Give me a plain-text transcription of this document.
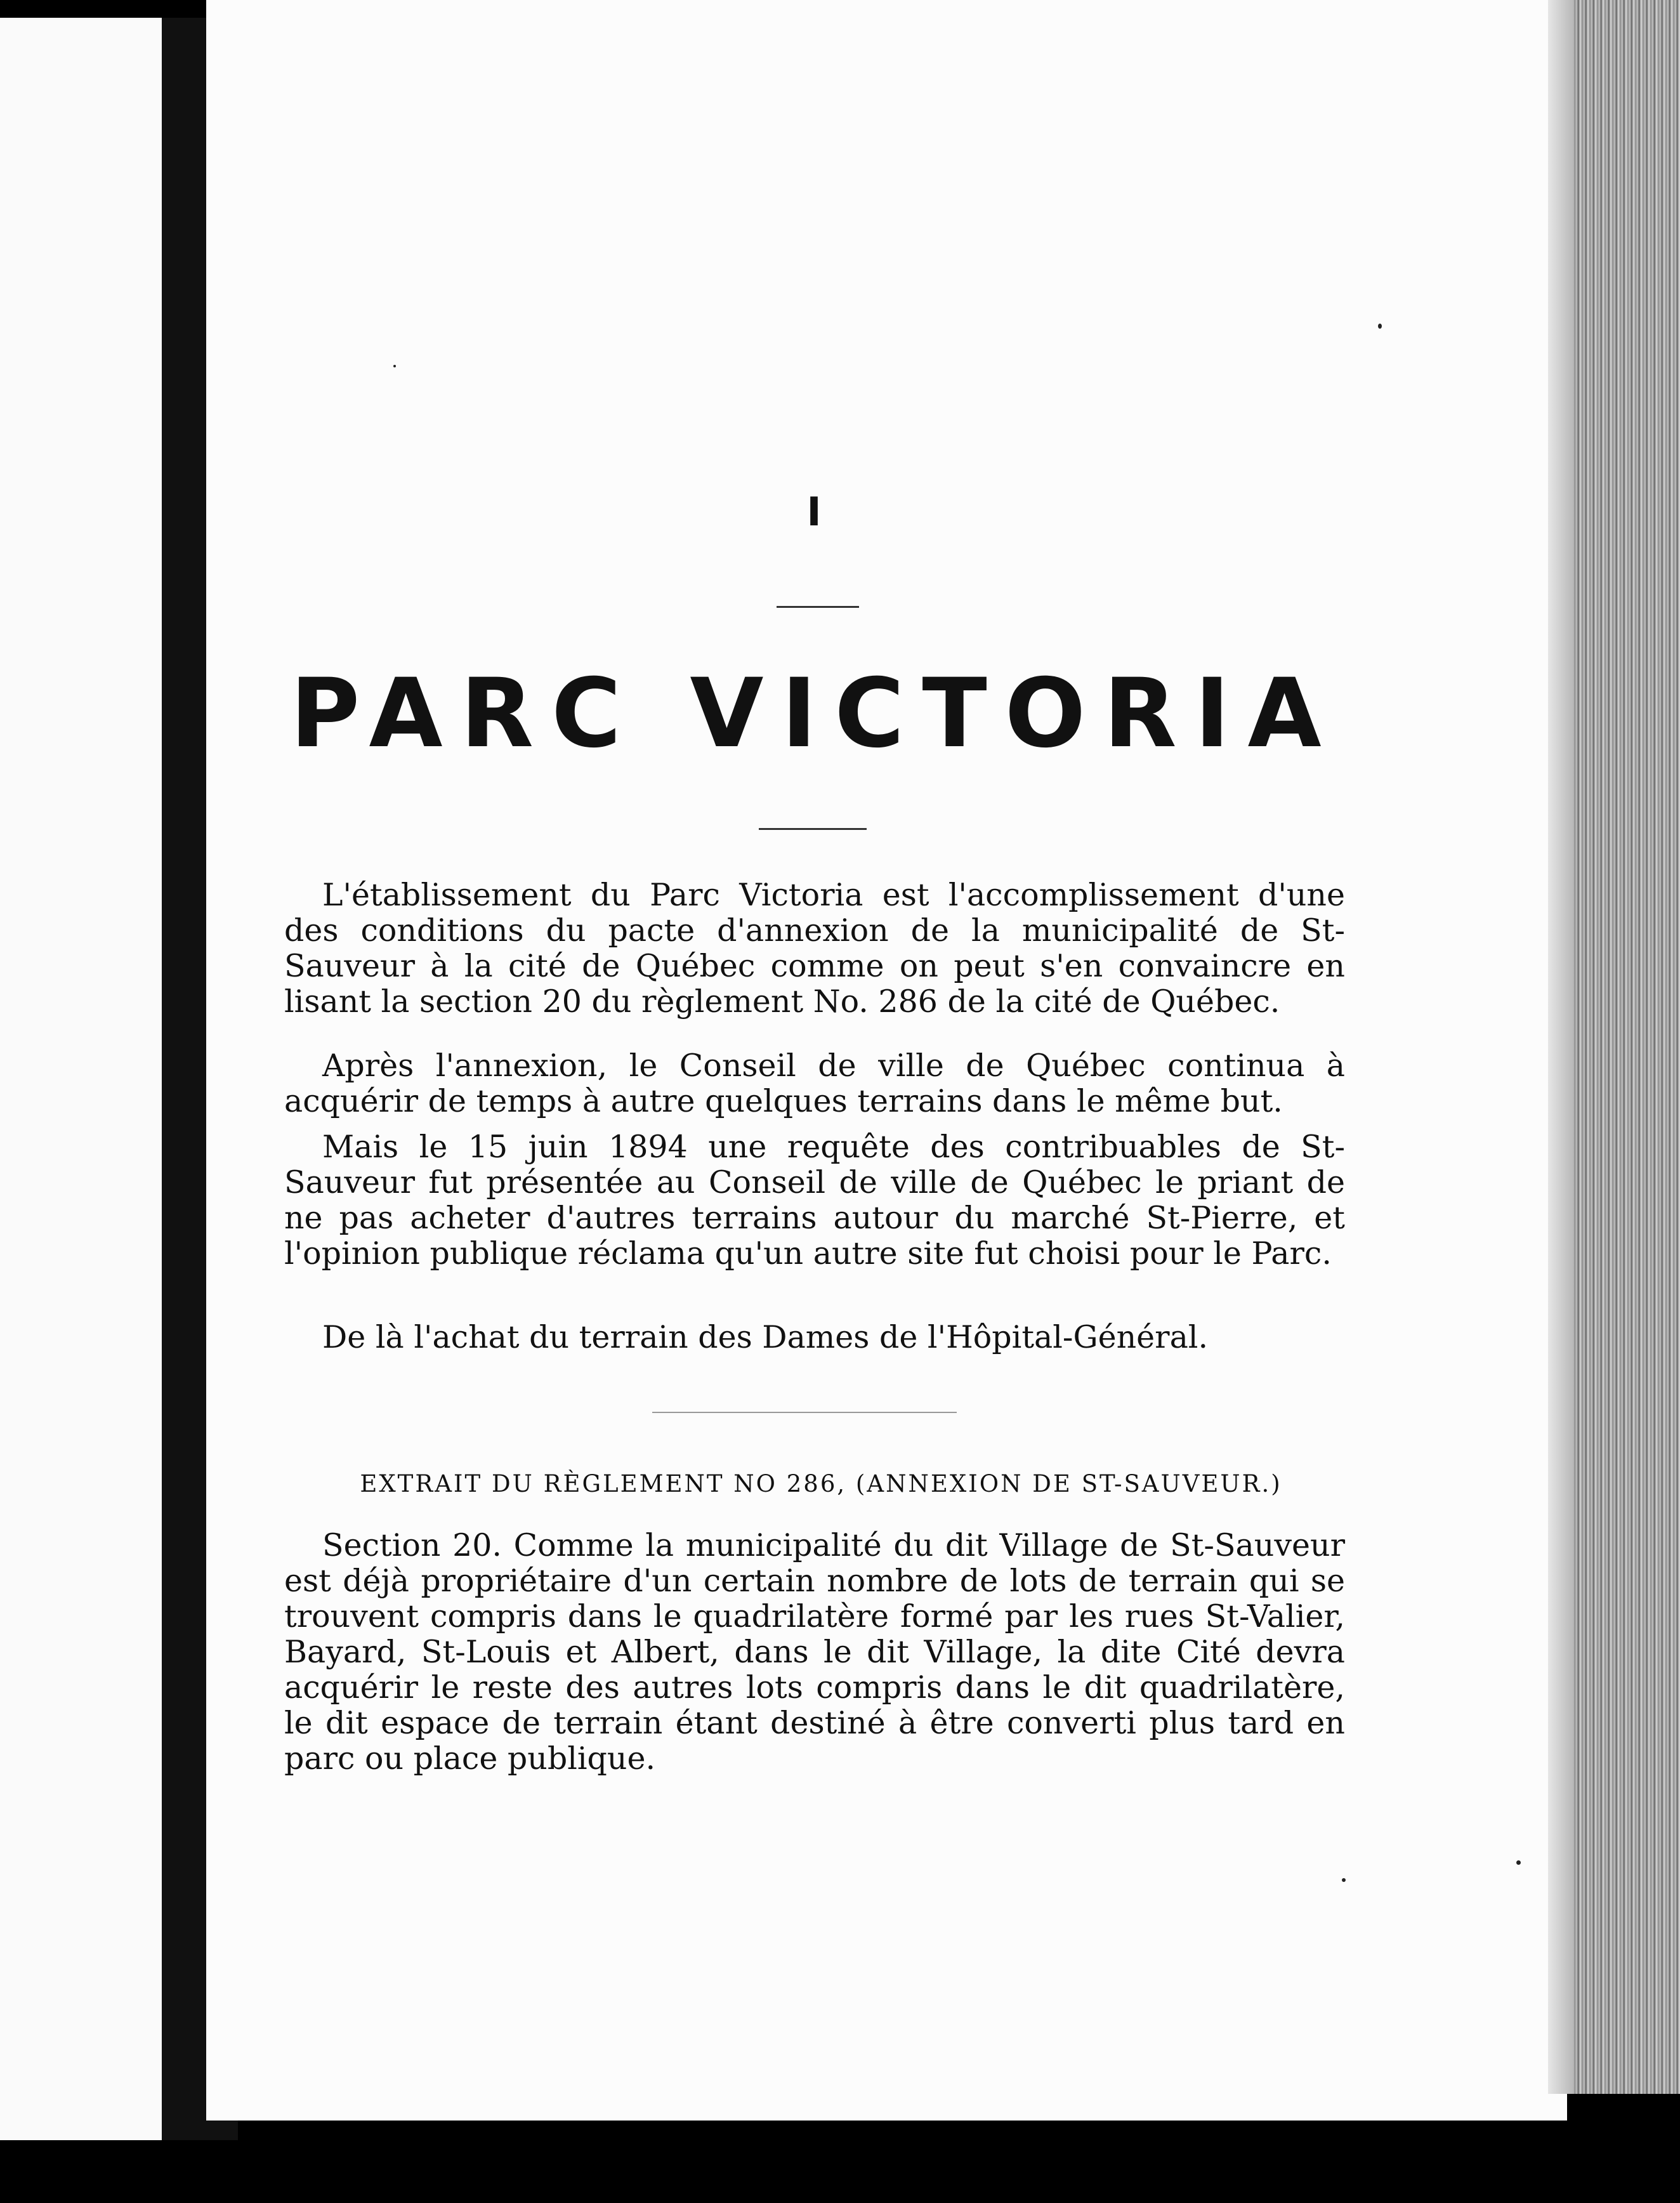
I
PARC VICTORIA

L'établissement du Parc Victoria est l'accomplissement d'une des conditions du pacte d'annexion de la municipalité de St-Sauveur à la cité de Québec comme on peut s'en convaincre en lisant la section 20 du règlement No. 286 de la cité de Québec.

Après l'annexion, le Conseil de ville de Québec continua à acquérir de temps à autre quelques terrains dans le même but.

Mais le 15 juin 1894 une requête des contribuables de St-Sauveur fut présentée au Conseil de ville de Québec le priant de ne pas acheter d'autres terrains autour du marché St-Pierre, et l'opinion publique réclama qu'un autre site fut choisi pour le Parc.

De là l'achat du terrain des Dames de l'Hôpital-Général.

EXTRAIT DU RÈGLEMENT NO 286, (ANNEXION DE ST-SAUVEUR.)

Section 20. Comme la municipalité du dit Village de St-Sauveur est déjà propriétaire d'un certain nombre de lots de terrain qui se trouvent compris dans le quadrilatère formé par les rues St-Valier, Bayard, St-Louis et Albert, dans le dit Village, la dite Cité devra acquérir le reste des autres lots compris dans le dit quadrilatère, le dit espace de terrain étant destiné à être converti plus tard en parc ou place publique.
